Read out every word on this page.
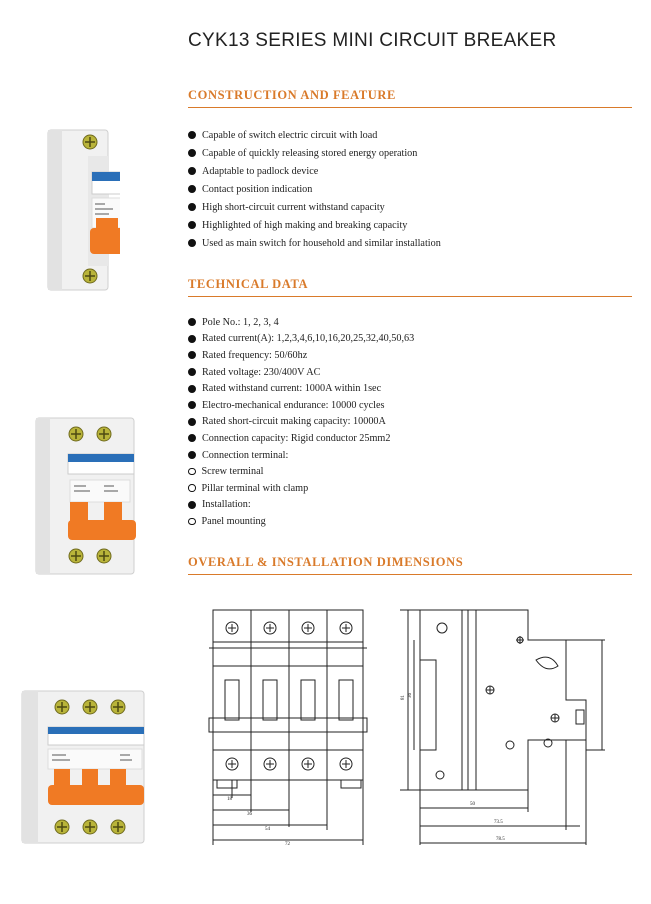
CYK13 SERIES MINI CIRCUIT BREAKER
CONSTRUCTION AND FEATURE
Capable of switch electric circuit with load
Capable of quickly releasing stored energy operation
Adaptable to padlock device
Contact position indication
High short-circuit current withstand capacity
Highlighted of high making and breaking capacity
Used as main switch for household and similar installation
TECHNICAL DATA
Pole No.: 1, 2, 3, 4
Rated current(A): 1,2,3,4,6,10,16,20,25,32,40,50,63
Rated frequency: 50/60hz
Rated voltage: 230/400V AC
Rated withstand current: 1000A within 1sec
Electro-mechanical endurance: 10000 cycles
Rated short-circuit making capacity: 10000A
Connection capacity: Rigid conductor 25mm2
Connection terminal:
Screw terminal
Pillar terminal with clamp
Installation:
Panel mounting
OVERALL & INSTALLATION DIMENSIONS
18
36
54
72
81 36
50
73.5
78.5
